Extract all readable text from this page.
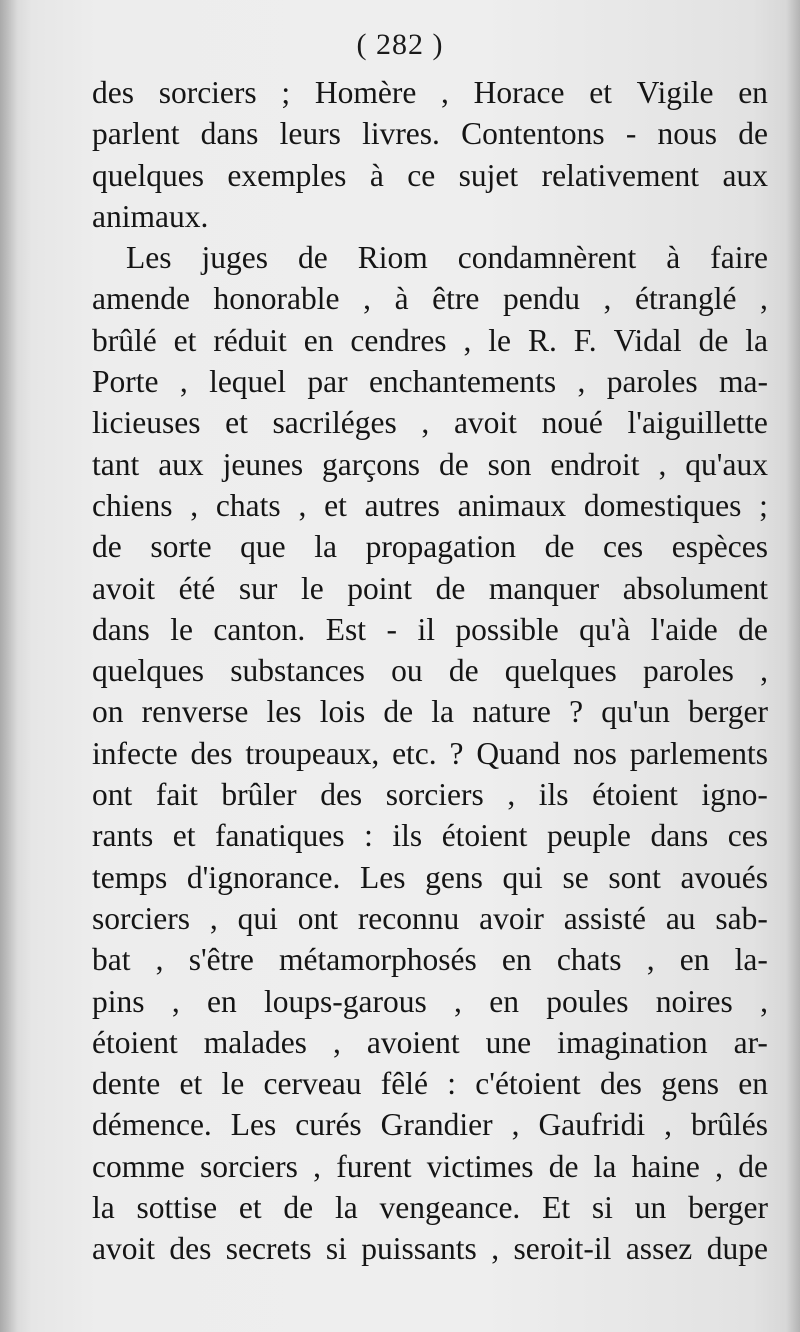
( 282 )
des sorciers ; Homère , Horace et Vigile en
parlent dans leurs livres. Contentons - nous de
quelques exemples à ce sujet relativement aux
animaux.
Les juges de Riom condamnèrent à faire
amende honorable , à être pendu , étranglé ,
brûlé et réduit en cendres , le R. F. Vidal de la
Porte , lequel par enchantements , paroles ma-
licieuses et sacriléges , avoit noué l'aiguillette
tant aux jeunes garçons de son endroit , qu'aux
chiens , chats , et autres animaux domestiques ;
de sorte que la propagation de ces espèces
avoit été sur le point de manquer absolument
dans le canton. Est - il possible qu'à l'aide de
quelques substances ou de quelques paroles ,
on renverse les lois de la nature ? qu'un berger
infecte des troupeaux, etc. ? Quand nos parlements
ont fait brûler des sorciers , ils étoient igno-
rants et fanatiques : ils étoient peuple dans ces
temps d'ignorance. Les gens qui se sont avoués
sorciers , qui ont reconnu avoir assisté au sab-
bat , s'être métamorphosés en chats , en la-
pins , en loups-garous , en poules noires ,
étoient malades , avoient une imagination ar-
dente et le cerveau fêlé : c'étoient des gens en
démence. Les curés Grandier , Gaufridi , brûlés
comme sorciers , furent victimes de la haine , de
la sottise et de la vengeance. Et si un berger
avoit des secrets si puissants , seroit-il assez dupe
